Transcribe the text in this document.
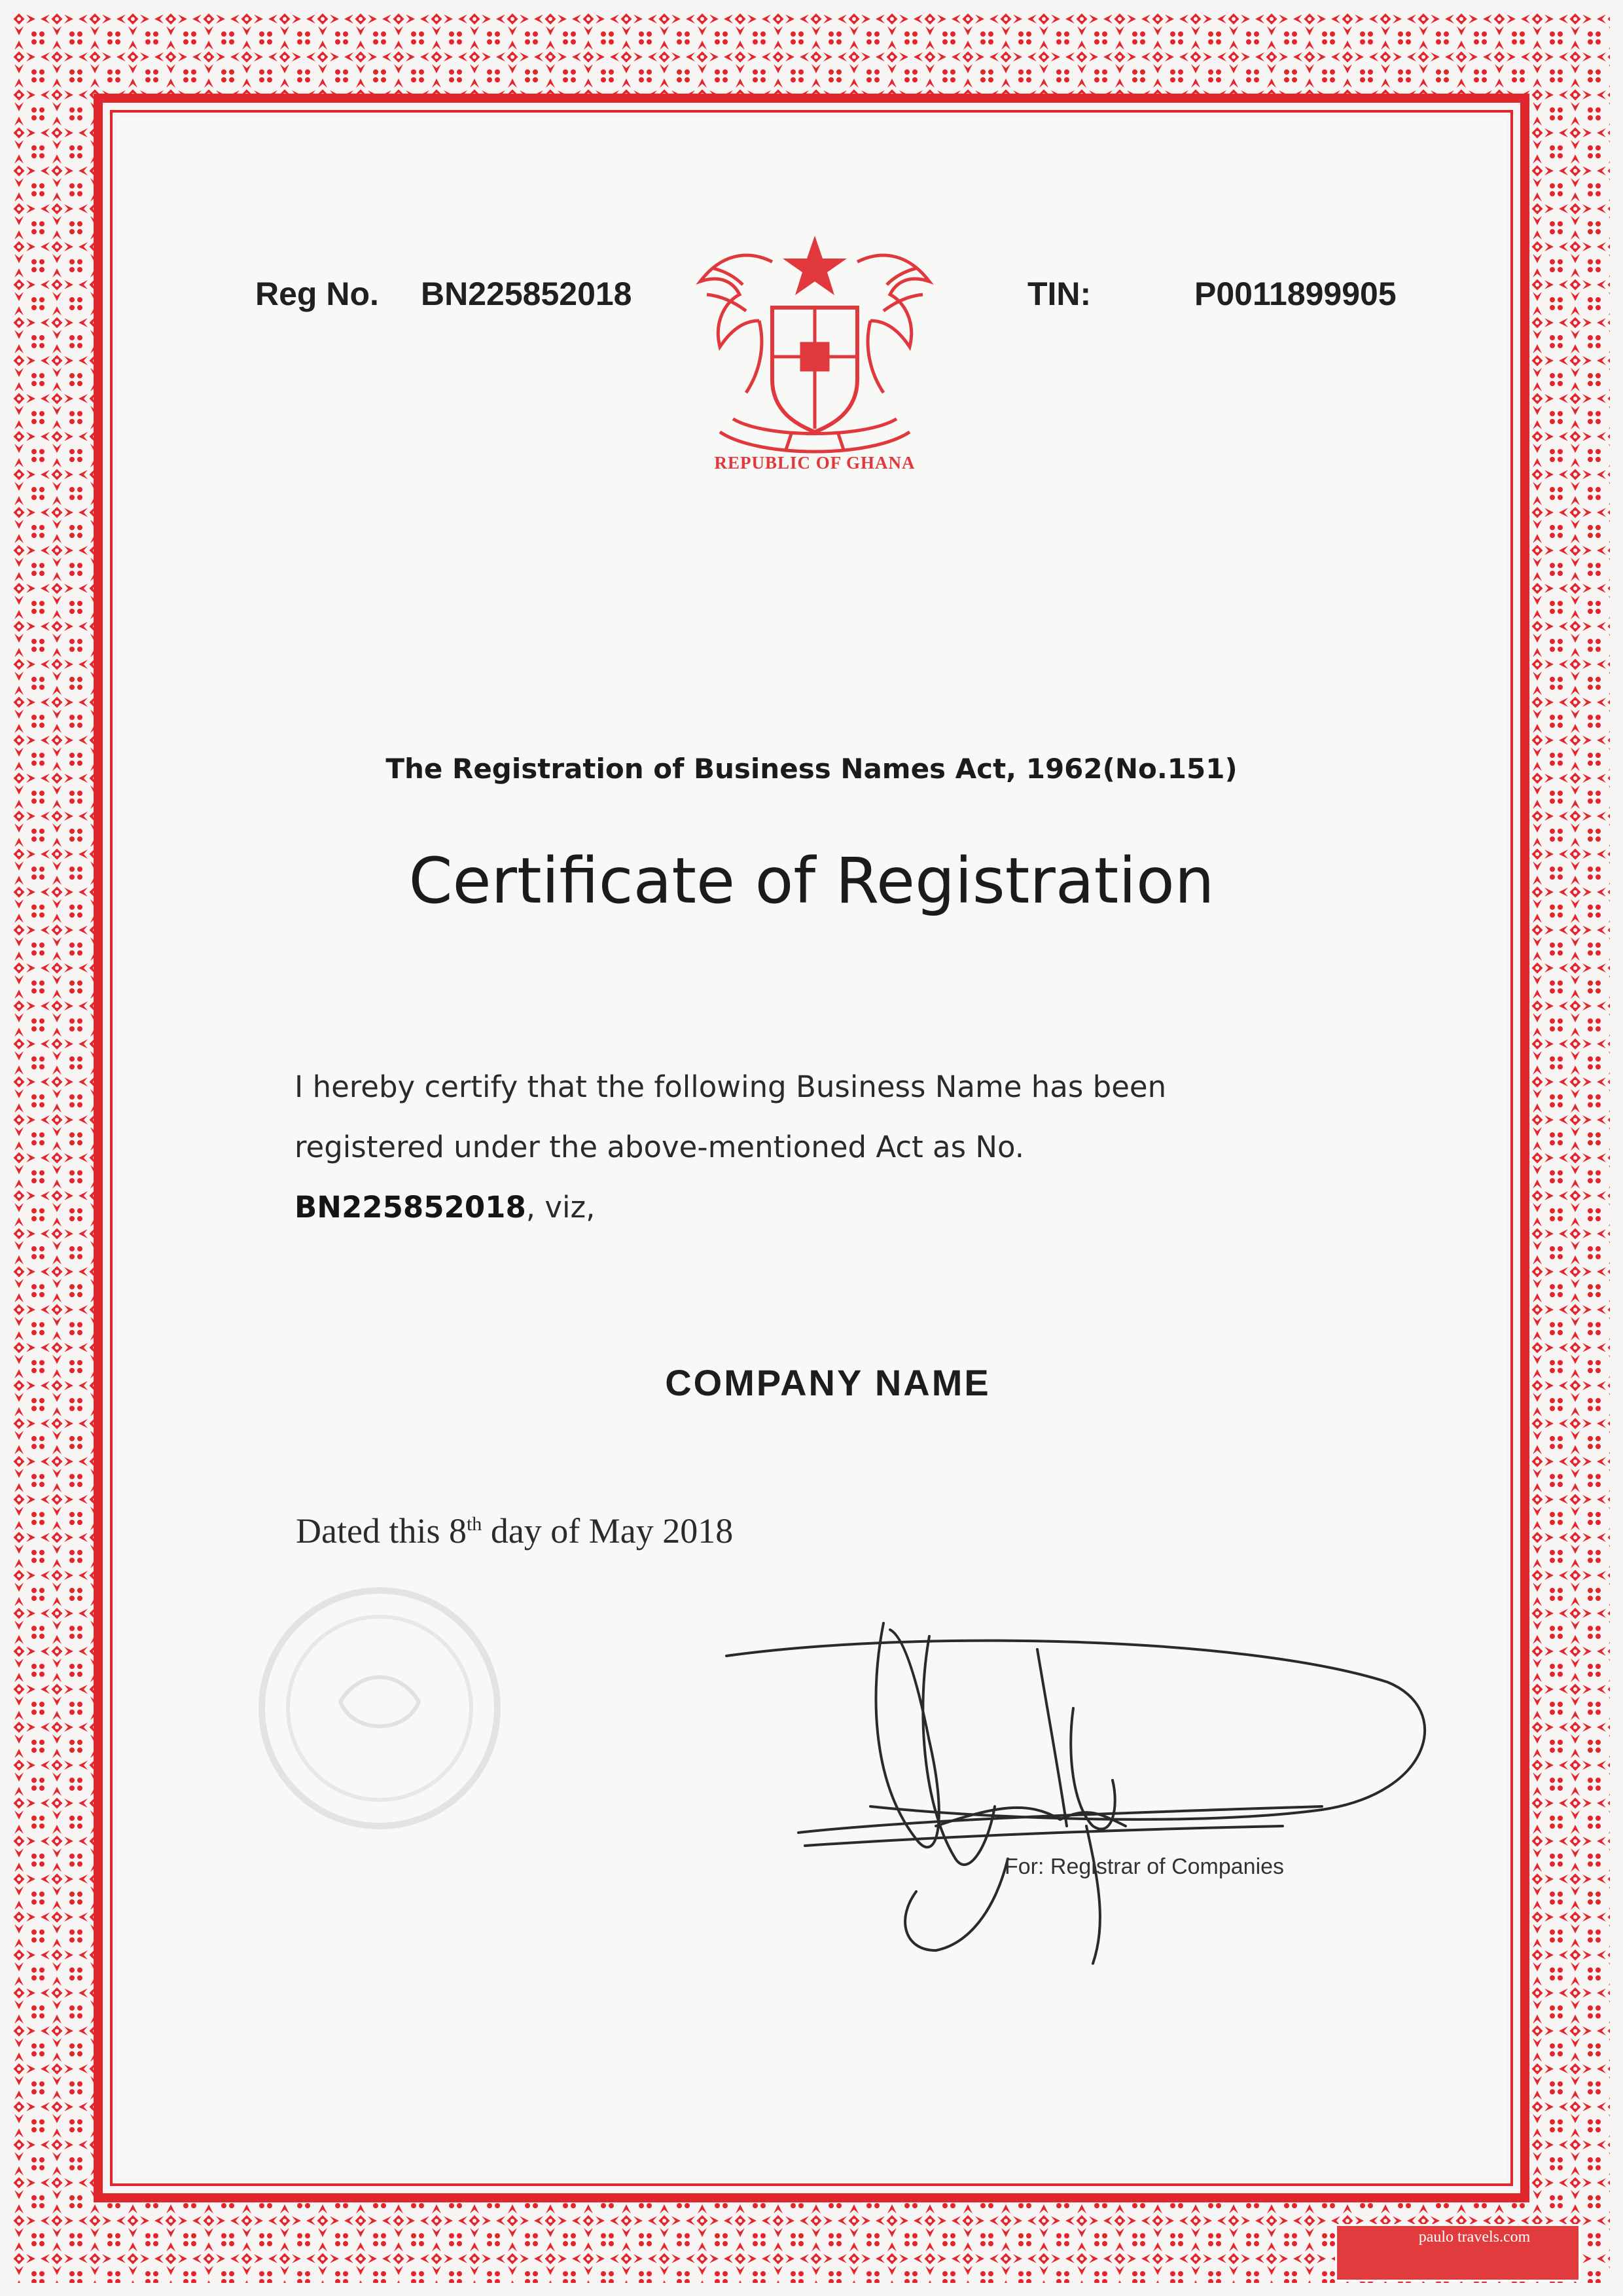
Reg No. BN225852018	TIN:	P0011899905
REPUBLIC OF GHANA
The Registration of Business Names Act, 1962(No.151)
Certificate of Registration
I hereby certify that the following Business Name has been
registered under the above-mentioned Act as No.
BN225852018, viz,
COMPANY NAME
Dated this 8th day of May 2018
For: Registrar of Companies
paulo travels.com
